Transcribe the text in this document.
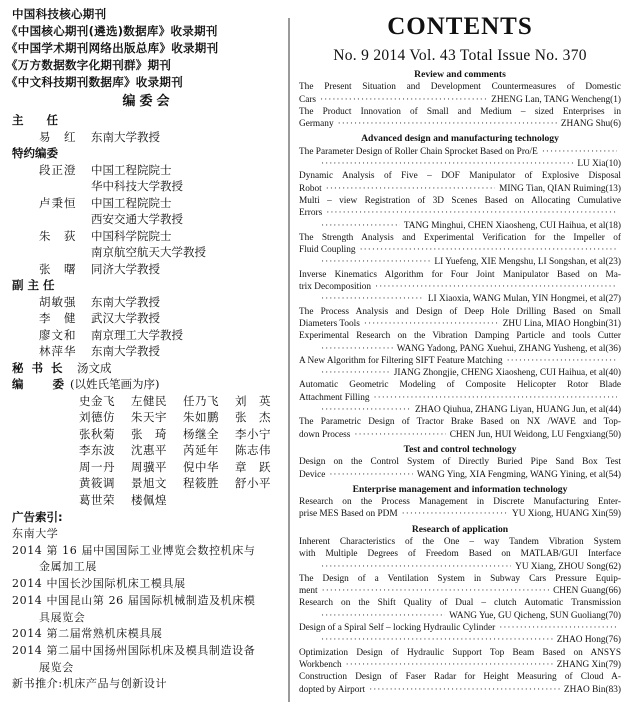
中国科技核心期刊
《中国核心期刊(遴选)数据库》收录期刊
《中国学术期刊网络出版总库》收录期刊
《万方数据数字化期刊群》期刊
《中文科技期刊数据库》收录期刊
编委会
主　　任
易　红	东南大学教授
特约编委
段正澄	中国工程院院士
华中科技大学教授
卢秉恒	中国工程院院士
西安交通大学教授
朱　荻	中国科学院院士
南京航空航天大学教授
张　曙	同济大学教授
副 主 任
胡敏强	东南大学教授
李　健	武汉大学教授
廖文和	南京理工大学教授
林萍华	东南大学教授
秘 书 长	汤文成
编　　委 (以姓氏笔画为序)
史金飞	左健民	任乃飞	刘　英
刘德仿	朱天宇	朱如鹏	张　杰
张秋菊	张　琦	杨继全	李小宁
李东波	沈惠平	芮延年	陈志伟
周一丹	周骥平	倪中华	章　跃
黄筱调	景旭文	程筱胜	舒小平
葛世荣	楼佩煌
广告索引:
东南大学
2014 第 16 届中国国际工业博览会数控机床与
金属加工展
2014 中国长沙国际机床工模具展
2014 中国昆山第 26 届国际机械制造及机床模
具展览会
2014 第二届常熟机床模具展
2014 第二届中国扬州国际机床及模具制造设备
展览会
新书推介:机床产品与创新设计
CONTENTS
No. 9 2014 Vol. 43 Total Issue No. 370
Review and comments
The Present Situation and Development Countermeasures of Domestic
Cars ·····	ZHENG Lan, TANG Wencheng(1)
The Product Innovation of Small and Medium – sized Enterprises in
Germany ·····	ZHANG Shu(6)
Advanced design and manufacturing technology
The Parameter Design of Roller Chain Sprocket Based on Pro/E
·····
·····
LU Xia(10)
Dynamic Analysis of Five – DOF Manipulator of Explosive Disposal
Robot ·····	MING Tian, QIAN Ruiming(13)
Multi – view Registration of 3D Scenes Based on Allocating Cumulative
Errors
·····
·····
TANG Minghui, CHEN Xiaosheng, CUI Haihua, et al(18)
The Strength Analysis and Experimental Verification for the Impeller of
Fluid Coupling
·····
·····
LI Yuefeng, XIE Mengshu, LI Songshan, et al(23)
Inverse Kinematics Algorithm for Four Joint Manipulator Based on Ma-
trix Decomposition
·····
·····
LI Xiaoxia, WANG Mulan, YIN Hongmei, et al(27)
The Process Analysis and Design of Deep Hole Drilling Based on Small
Diameters Tools ·····	ZHU Lina, MIAO Hongbin(31)
Experimental Research on the Vibration Damping Particle and tools Cutter
·····
WANG Yadong, PANG Xuehui, ZHANG Yusheng, et al(36)
A New Algorithm for Filtering SIFT Feature Matching
·····
·····
JIANG Zhongjie, CHENG Xiaosheng, CUI Haihua, et al(40)
Automatic Geometric Modeling of Composite Helicopter Rotor Blade
Attachment Filling
·····
·····
ZHAO Qiuhua, ZHANG Liyan, HUANG Jun, et al(44)
The Parametric Design of Tractor Brake Based on NX /WAVE and Top-
down Process ·····	CHEN Jun, HUI Weidong, LU Fengxiang(50)
Test and control technology
Design on the Control System of Directly Buried Pipe Sand Box Test
Device ·····	WANG Ying, XIA Fengming, WANG Yining, et al(54)
Enterprise management and information technology
Research on the Process Management in Discrete Manufacturing Enter-
prise MES Based on PDM ·····	YU Xiong, HUANG Xin(59)
Research of application
Inherent Characteristics of the One – way Tandem Vibration System
with Multiple Degrees of Freedom Based on MATLAB/GUI Interface
·····
YU Xiang, ZHOU Song(62)
The Design of a Ventilation System in Subway Cars Pressure Equip-
ment ·····	CHEN Guang(66)
Research on the Shift Quality of Dual – clutch Automatic Transmission
·····
WANG Yue, GU Qicheng, SUN Guoliang(70)
Design of a Spiral Self – locking Hydraulic Cylinder
·····
·····
ZHAO Hong(76)
Optimization Design of Hydraulic Support Top Beam Based on ANSYS
Workbench ·····	ZHANG Xin(79)
Construction Design of Faser Radar for Height Measuring of Cloud A-
dopted by Airport ·····	ZHAO Bin(83)
